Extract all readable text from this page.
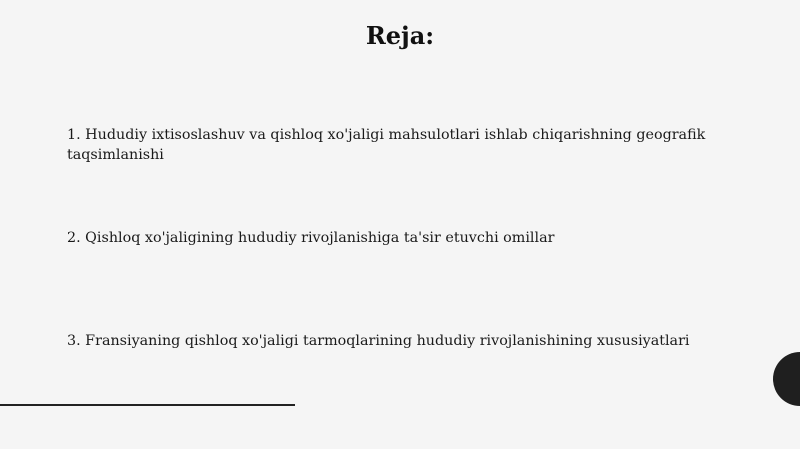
Reja:
1. Hududiy ixtisoslashuv va qishloq xo'jaligi mahsulotlari ishlab chiqarishning geografik taqsimlanishi
2. Qishloq xo'jaligining hududiy rivojlanishiga ta'sir etuvchi omillar
3. Fransiyaning qishloq xo'jaligi tarmoqlarining hududiy rivojlanishining xususiyatlari
